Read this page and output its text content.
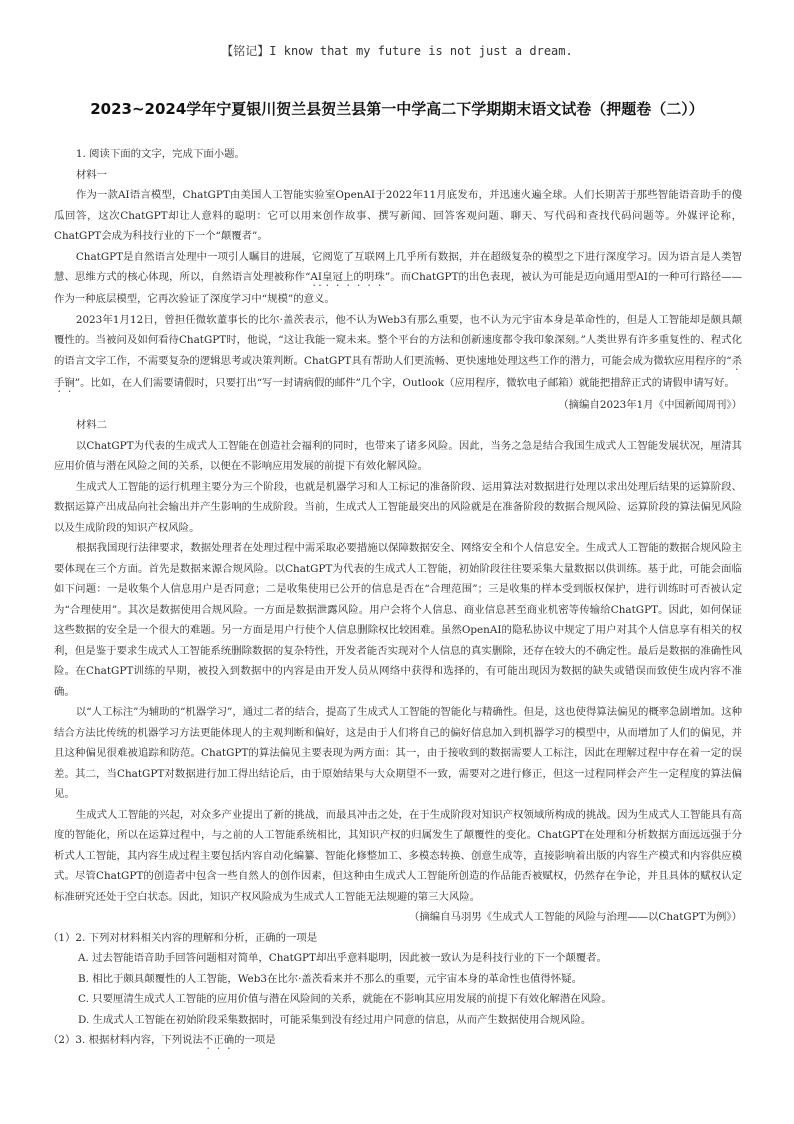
【铭记】I know that my future is not just a dream.
2023~2024学年宁夏银川贺兰县贺兰县第一中学高二下学期期末语文试卷（押题卷（二））

1. 阅读下面的文字，完成下面小题。

材料一

作为一款AI语言模型，ChatGPT由美国人工智能实验室OpenAI于2022年11月底发布，并迅速火遍全球。人们长期苦于那些智能语音助手的傻瓜回答，这次ChatGPT却让人意料的聪明：它可以用来创作故事、撰写新闻、回答客观问题、聊天、写代码和查找代码问题等。外媒评论称，ChatGPT会成为科技行业的下一个“颠覆者”。

ChatGPT是自然语言处理中一项引人瞩目的进展，它阅览了互联网上几乎所有数据，并在超级复杂的模型之下进行深度学习。因为语言是人类智慧、思维方式的核心体现，所以，自然语言处理被称作“AI皇冠上的明珠”。而ChatGPT的出色表现，被认为可能是迈向通用型AI的一种可行路径——作为一种底层模型，它再次验证了深度学习中“规模”的意义。

2023年1月12日，曾担任微软董事长的比尔·盖茨表示，他不认为Web3有那么重要，也不认为元宇宙本身是革命性的，但是人工智能却是颇具颠覆性的。当被问及如何看待ChatGPT时，他说，“这让我能一窥未来。整个平台的方法和创新速度都令我印象深刻。”人类世界有许多重复性的、程式化的语言文字工作，不需要复杂的逻辑思考或决策判断。ChatGPT具有帮助人们更流畅、更快速地处理这些工作的潜力，可能会成为微软应用程序的“杀手锏”。比如，在人们需要请假时，只要打出“写一封请病假的邮件”几个字，Outlook（应用程序，微软电子邮箱）就能把措辞正式的请假申请写好。

（摘编自2023年1月《中国新闻周刊》）

材料二

以ChatGPT为代表的生成式人工智能在创造社会福利的同时，也带来了诸多风险。因此，当务之急是结合我国生成式人工智能发展状况，厘清其应用价值与潜在风险之间的关系，以便在不影响应用发展的前提下有效化解风险。

生成式人工智能的运行机理主要分为三个阶段，也就是机器学习和人工标记的准备阶段、运用算法对数据进行处理以求出处理后结果的运算阶段、数据运算产出成品向社会输出并产生影响的生成阶段。当前，生成式人工智能最突出的风险就是在准备阶段的数据合规风险、运算阶段的算法偏见风险以及生成阶段的知识产权风险。

根据我国现行法律要求，数据处理者在处理过程中需采取必要措施以保障数据安全、网络安全和个人信息安全。生成式人工智能的数据合规风险主要体现在三个方面。首先是数据来源合规风险。以ChatGPT为代表的生成式人工智能，初始阶段往往要采集大量数据以供训练。基于此，可能会面临如下问题：一是收集个人信息用户是否同意；二是收集使用已公开的信息是否在“合理范围”；三是收集的样本受到版权保护，进行训练时可否被认定为“合理使用”。其次是数据使用合规风险。一方面是数据泄露风险。用户会将个人信息、商业信息甚至商业机密等传输给ChatGPT。因此，如何保证这些数据的安全是一个很大的难题。另一方面是用户行使个人信息删除权比较困难。虽然OpenAI的隐私协议中规定了用户对其个人信息享有相关的权利，但是鉴于要求生成式人工智能系统删除数据的复杂特性，开发者能否实现对个人信息的真实删除，还存在较大的不确定性。最后是数据的准确性风险。在ChatGPT训练的早期，被投入到数据中的内容是由开发人员从网络中获得和选择的，有可能出现因为数据的缺失或错误而致使生成内容不准确。

以“人工标注”为辅助的“机器学习”，通过二者的结合，提高了生成式人工智能的智能化与精确性。但是，这也使得算法偏见的概率急剧增加。这种结合方法比传统的机器学习方法更能体现人的主观判断和偏好，这是由于人们将自己的偏好信息加入到机器学习的模型中，从而增加了人们的偏见，并且这种偏见很难被追踪和防范。ChatGPT的算法偏见主要表现为两方面：其一，由于接收到的数据需要人工标注，因此在理解过程中存在着一定的误差。其二，当ChatGPT对数据进行加工得出结论后，由于原始结果与大众期望不一致，需要对之进行修正，但这一过程同样会产生一定程度的算法偏见。

生成式人工智能的兴起，对众多产业提出了新的挑战，而最具冲击之处，在于生成阶段对知识产权领域所构成的挑战。因为生成式人工智能具有高度的智能化，所以在运算过程中，与之前的人工智能系统相比，其知识产权的归属发生了颠覆性的变化。ChatGPT在处理和分析数据方面远远强于分析式人工智能，其内容生成过程主要包括内容自动化编纂、智能化修整加工、多模态转换、创意生成等，直接影响着出版的内容生产模式和内容供应模式。尽管ChatGPT的创造者中包含一些自然人的创作因素，但这种由生成式人工智能所创造的作品能否被赋权，仍然存在争论，并且具体的赋权认定标准研究还处于空白状态。因此，知识产权风险成为生成式人工智能无法规避的第三大风险。

（摘编自马羽男《生成式人工智能的风险与治理——以ChatGPT为例》）

（1）2. 下列对材料相关内容的理解和分析，正确的一项是

A. 过去智能语音助手回答问题相对简单，ChatGPT却出乎意料聪明，因此被一致认为是科技行业的下一个颠覆者。

B. 相比于颇具颠覆性的人工智能，Web3在比尔·盖茨看来并不那么的重要，元宇宙本身的革命性也值得怀疑。

C. 只要厘清生成式人工智能的应用价值与潜在风险间的关系，就能在不影响其应用发展的前提下有效化解潜在风险。

D. 生成式人工智能在初始阶段采集数据时，可能采集到没有经过用户同意的信息，从而产生数据使用合规风险。

（2）3. 根据材料内容，下列说法不正确的一项是
